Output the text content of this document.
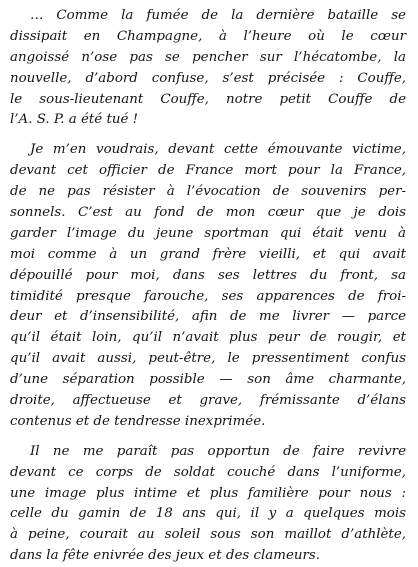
… Comme la fumée de la dernière bataille se
dissipait en Champagne, à l’heure où le cœur
angoissé n’ose pas se pencher sur l’hécatombe, la
nouvelle, d’abord confuse, s’est précisée : Couffe,
le sous-lieutenant Couffe, notre petit Couffe de
l’A. S. P. a été tué !
Je m’en voudrais, devant cette émouvante victime,
devant cet officier de France mort pour la France,
de ne pas résister à l’évocation de souvenirs per-
sonnels. C’est au fond de mon cœur que je dois
garder l’image du jeune sportman qui était venu à
moi comme à un grand frère vieilli, et qui avait
dépouillé pour moi, dans ses lettres du front, sa
timidité presque farouche, ses apparences de froi-
deur et d’insensibilité, afin de me livrer — parce
qu’il était loin, qu’il n’avait plus peur de rougir, et
qu’il avait aussi, peut-être, le pressentiment confus
d’une séparation possible — son âme charmante,
droite, affectueuse et grave, frémissante d’élans
contenus et de tendresse inexprimée.
Il ne me paraît pas opportun de faire revivre
devant ce corps de soldat couché dans l’uniforme,
une image plus intime et plus familière pour nous :
celle du gamin de 18 ans qui, il y a quelques mois
à peine, courait au soleil sous son maillot d’athlète,
dans la fête enivrée des jeux et des clameurs.
